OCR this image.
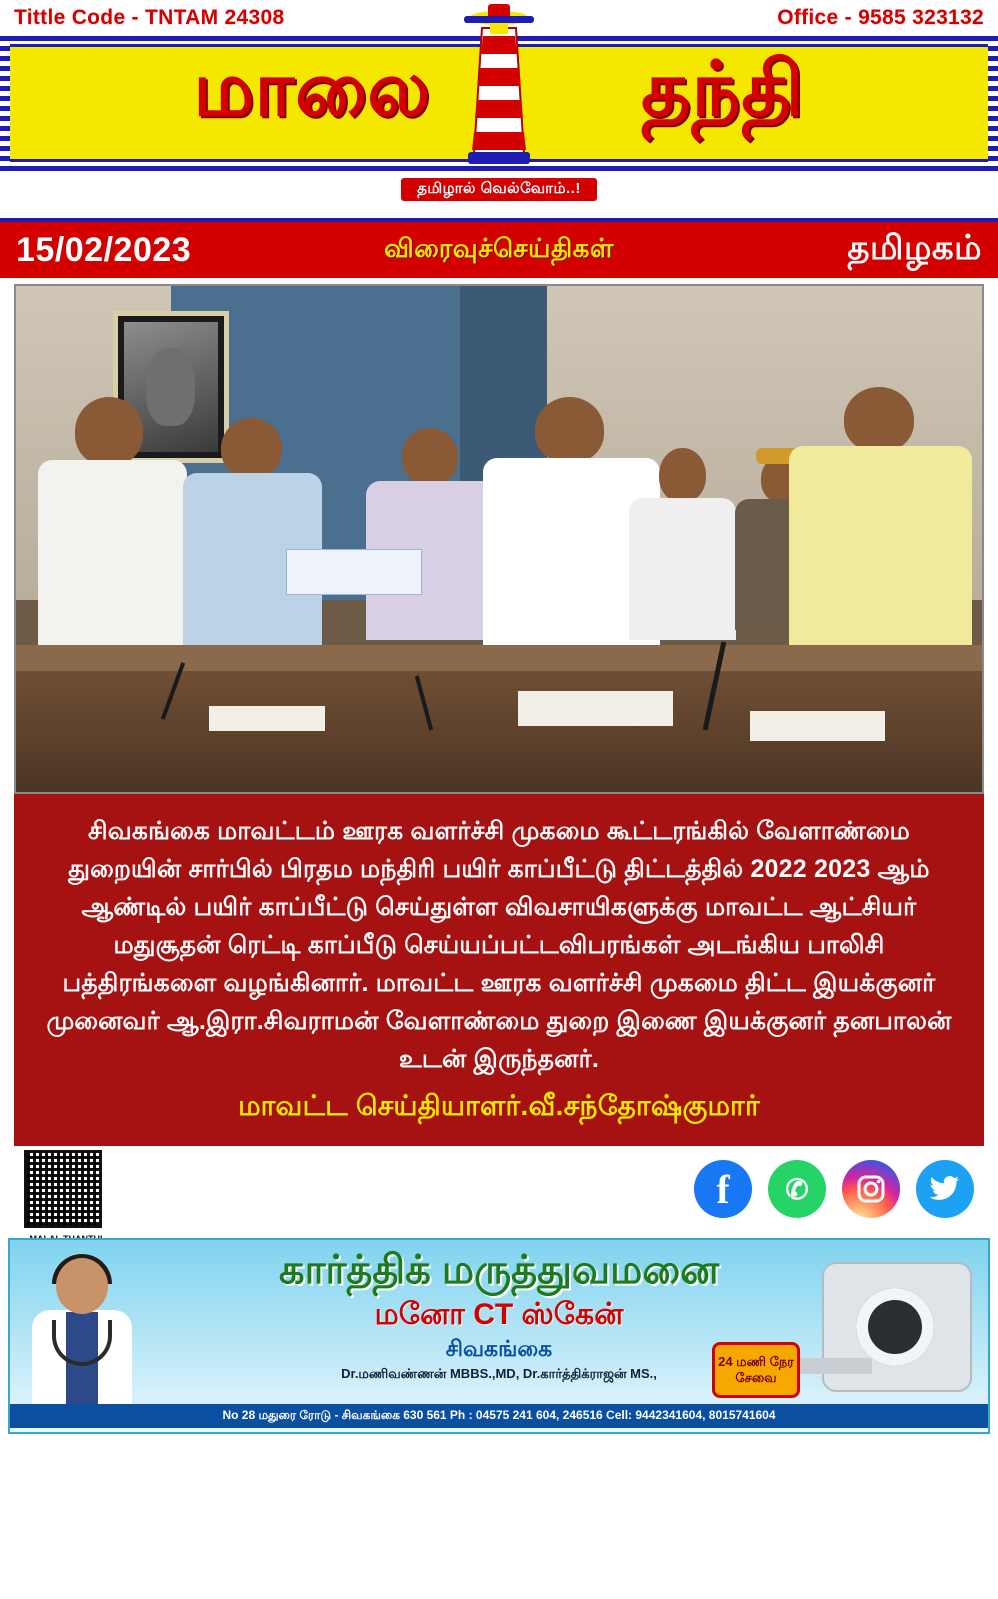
Tittle Code - TNTAM 24308	Office - 9585 323132
மாலை	தந்தி
தமிழால் வெல்வோம்..!
15/02/2023	விரைவுச்செய்திகள்	தமிழகம்

சிவகங்கை மாவட்டம் ஊரக வளர்ச்சி முகமை கூட்டரங்கில் வேளாண்மை துறையின் சார்பில் பிரதம மந்திரி பயிர் காப்பீட்டு திட்டத்தில் 2022 2023 ஆம் ஆண்டில் பயிர் காப்பீட்டு செய்துள்ள விவசாயிகளுக்கு மாவட்ட ஆட்சியர் மதுசூதன் ரெட்டி காப்பீடு செய்யப்பட்டவிபரங்கள் அடங்கிய பாலிசி பத்திரங்களை வழங்கினார். மாவட்ட ஊரக வளர்ச்சி முகமை திட்ட இயக்குனர் முனைவர் ஆ.இரா.சிவராமன் வேளாண்மை துறை இணை இயக்குனர் தனபாலன் உடன் இருந்தனர்.

மாவட்ட செய்தியாளர்.வீ.சந்தோஷ்குமார்
f	✆
WhatsApp
கார்த்திக் மருத்துவமனை
மனோ CT ஸ்கேன்
சிவகங்கை
Dr.மணிவண்ணன் MBBS.,MD, Dr.கார்த்திக்ராஜன் MS.,
24 மணி நேர
சேவை
No 28 மதுரை ரோடு - சிவகங்கை 630 561 Ph : 04575 241 604, 246516 Cell: 9442341604, 8015741604
